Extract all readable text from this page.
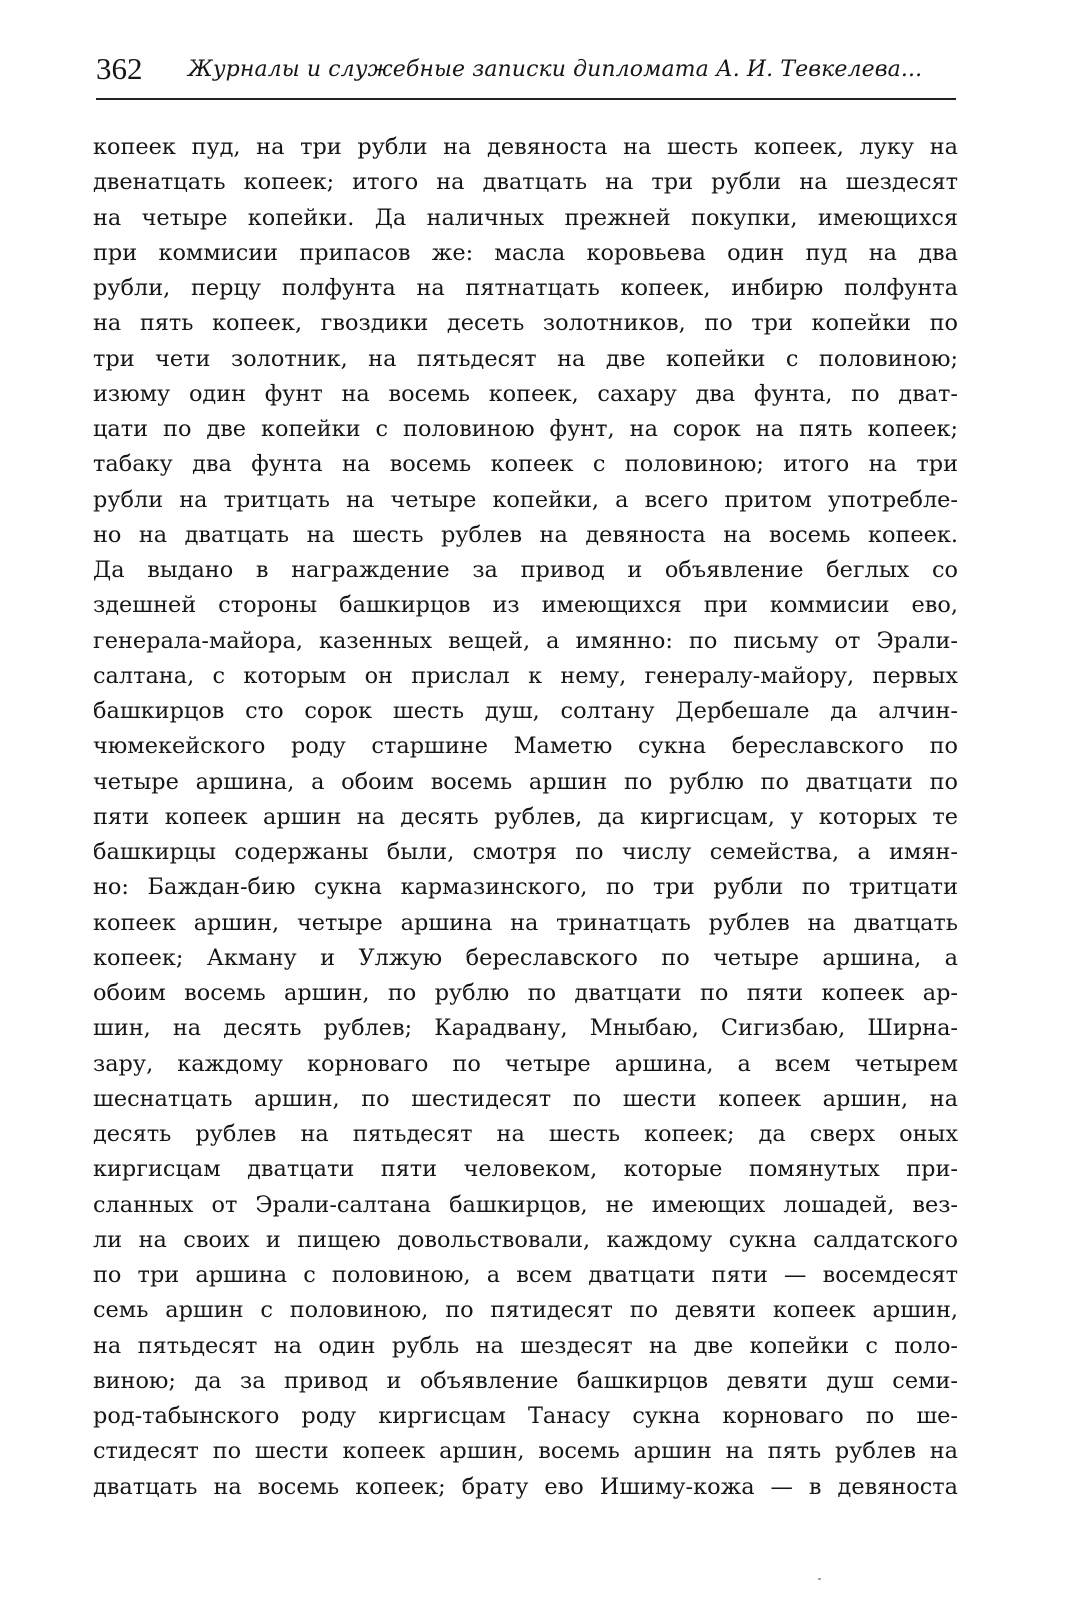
362 Журналы и служебные записки дипломата А. И. Тевкелева...
копеек пуд, на три рубли на девяноста на шесть копеек, луку на
двенатцать копеек; итого на дватцать на три рубли на шездесят
на четыре копейки. Да наличных прежней покупки, имеющихся
при коммисии припасов же: масла коровьева один пуд на два
рубли, перцу полфунта на пятнатцать копеек, инбирю полфунта
на пять копеек, гвоздики десеть золотников, по три копейки по
три чети золотник, на пятьдесят на две копейки с половиною;
изюму один фунт на восемь копеек, сахару два фунта, по дват-
цати по две копейки с половиною фунт, на сорок на пять копеек;
табаку два фунта на восемь копеек с половиною; итого на три
рубли на тритцать на четыре копейки, а всего притом употребле-
но на дватцать на шесть рублев на девяноста на восемь копеек.
Да выдано в награждение за привод и объявление беглых со
здешней стороны башкирцов из имеющихся при коммисии ево,
генерала-майора, казенных вещей, а имянно: по письму от Эрали-
салтана, с которым он прислал к нему, генералу-майору, первых
башкирцов сто сорок шесть душ, солтану Дербешале да алчин-
чюмекейского роду старшине Маметю сукна береславского по
четыре аршина, а обоим восемь аршин по рублю по дватцати по
пяти копеек аршин на десять рублев, да киргисцам, у которых те
башкирцы содержаны были, смотря по числу семейства, а имян-
но: Баждан-бию сукна кармазинского, по три рубли по тритцати
копеек аршин, четыре аршина на тринатцать рублев на дватцать
копеек; Акману и Улжую береславского по четыре аршина, а
обоим восемь аршин, по рублю по дватцати по пяти копеек ар-
шин, на десять рублев; Карадвану, Мныбаю, Сигизбаю, Ширна-
зару, каждому корноваго по четыре аршина, а всем четырем
шеснатцать аршин, по шестидесят по шести копеек аршин, на
десять рублев на пятьдесят на шесть копеек; да сверх оных
киргисцам дватцати пяти человеком, которые помянутых при-
сланных от Эрали-салтана башкирцов, не имеющих лошадей, вез-
ли на своих и пищею довольствовали, каждому сукна салдатского
по три аршина с половиною, а всем дватцати пяти — восемдесят
семь аршин с половиною, по пятидесят по девяти копеек аршин,
на пятьдесят на один рубль на шездесят на две копейки с поло-
виною; да за привод и объявление башкирцов девяти душ семи-
род-табынского роду киргисцам Танасу сукна корноваго по ше-
стидесят по шести копеек аршин, восемь аршин на пять рублев на
дватцать на восемь копеек; брату ево Ишиму-кожа — в девяноста
